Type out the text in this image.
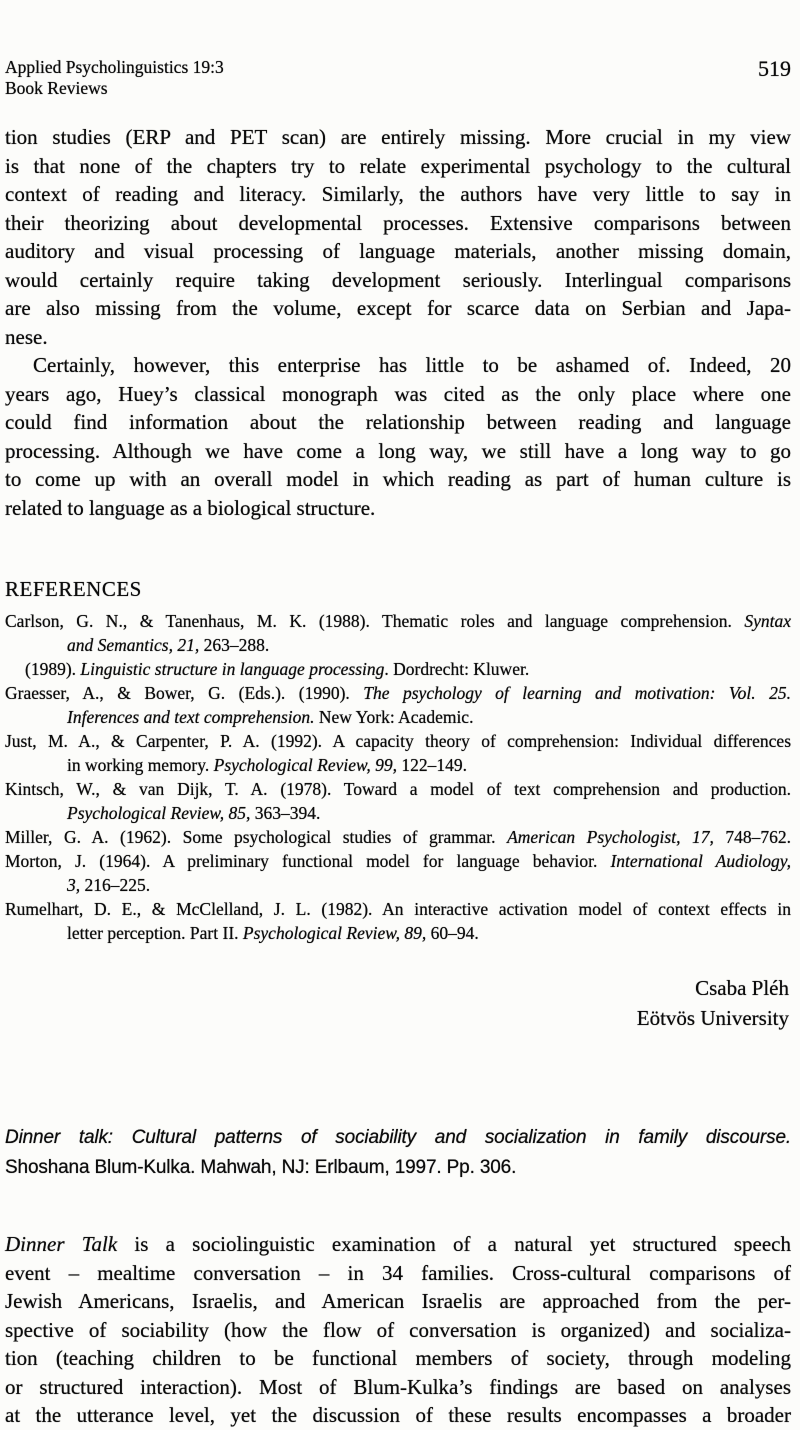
Applied Psycholinguistics 19:3
Book Reviews
519

tion studies (ERP and PET scan) are entirely missing. More crucial in my view

is that none of the chapters try to relate experimental psychology to the cultural

context of reading and literacy. Similarly, the authors have very little to say in

their theorizing about developmental processes. Extensive comparisons between

auditory and visual processing of language materials, another missing domain,

would certainly require taking development seriously. Interlingual comparisons

are also missing from the volume, except for scarce data on Serbian and Japa-

nese.

Certainly, however, this enterprise has little to be ashamed of. Indeed, 20

years ago, Huey’s classical monograph was cited as the only place where one

could find information about the relationship between reading and language

processing. Although we have come a long way, we still have a long way to go

to come up with an overall model in which reading as part of human culture is

related to language as a biological structure.

REFERENCES

Carlson, G. N., & Tanenhaus, M. K. (1988). Thematic roles and language comprehension. Syntax

and Semantics, 21, 263–288.

(1989). Linguistic structure in language processing. Dordrecht: Kluwer.

Graesser, A., & Bower, G. (Eds.). (1990). The psychology of learning and motivation: Vol. 25.

Inferences and text comprehension. New York: Academic.

Just, M. A., & Carpenter, P. A. (1992). A capacity theory of comprehension: Individual differences

in working memory. Psychological Review, 99, 122–149.

Kintsch, W., & van Dijk, T. A. (1978). Toward a model of text comprehension and production.

Psychological Review, 85, 363–394.

Miller, G. A. (1962). Some psychological studies of grammar. American Psychologist, 17, 748–762.

Morton, J. (1964). A preliminary functional model for language behavior. International Audiology,

3, 216–225.

Rumelhart, D. E., & McClelland, J. L. (1982). An interactive activation model of context effects in

letter perception. Part II. Psychological Review, 89, 60–94.

Csaba Pléh
Eötvös University

Dinner talk: Cultural patterns of sociability and socialization in family discourse.

Shoshana Blum-Kulka. Mahwah, NJ: Erlbaum, 1997. Pp. 306.

Dinner Talk is a sociolinguistic examination of a natural yet structured speech

event – mealtime conversation – in 34 families. Cross-cultural comparisons of

Jewish Americans, Israelis, and American Israelis are approached from the per-

spective of sociability (how the flow of conversation is organized) and socializa-

tion (teaching children to be functional members of society, through modeling

or structured interaction). Most of Blum-Kulka’s findings are based on analyses

at the utterance level, yet the discussion of these results encompasses a broader
